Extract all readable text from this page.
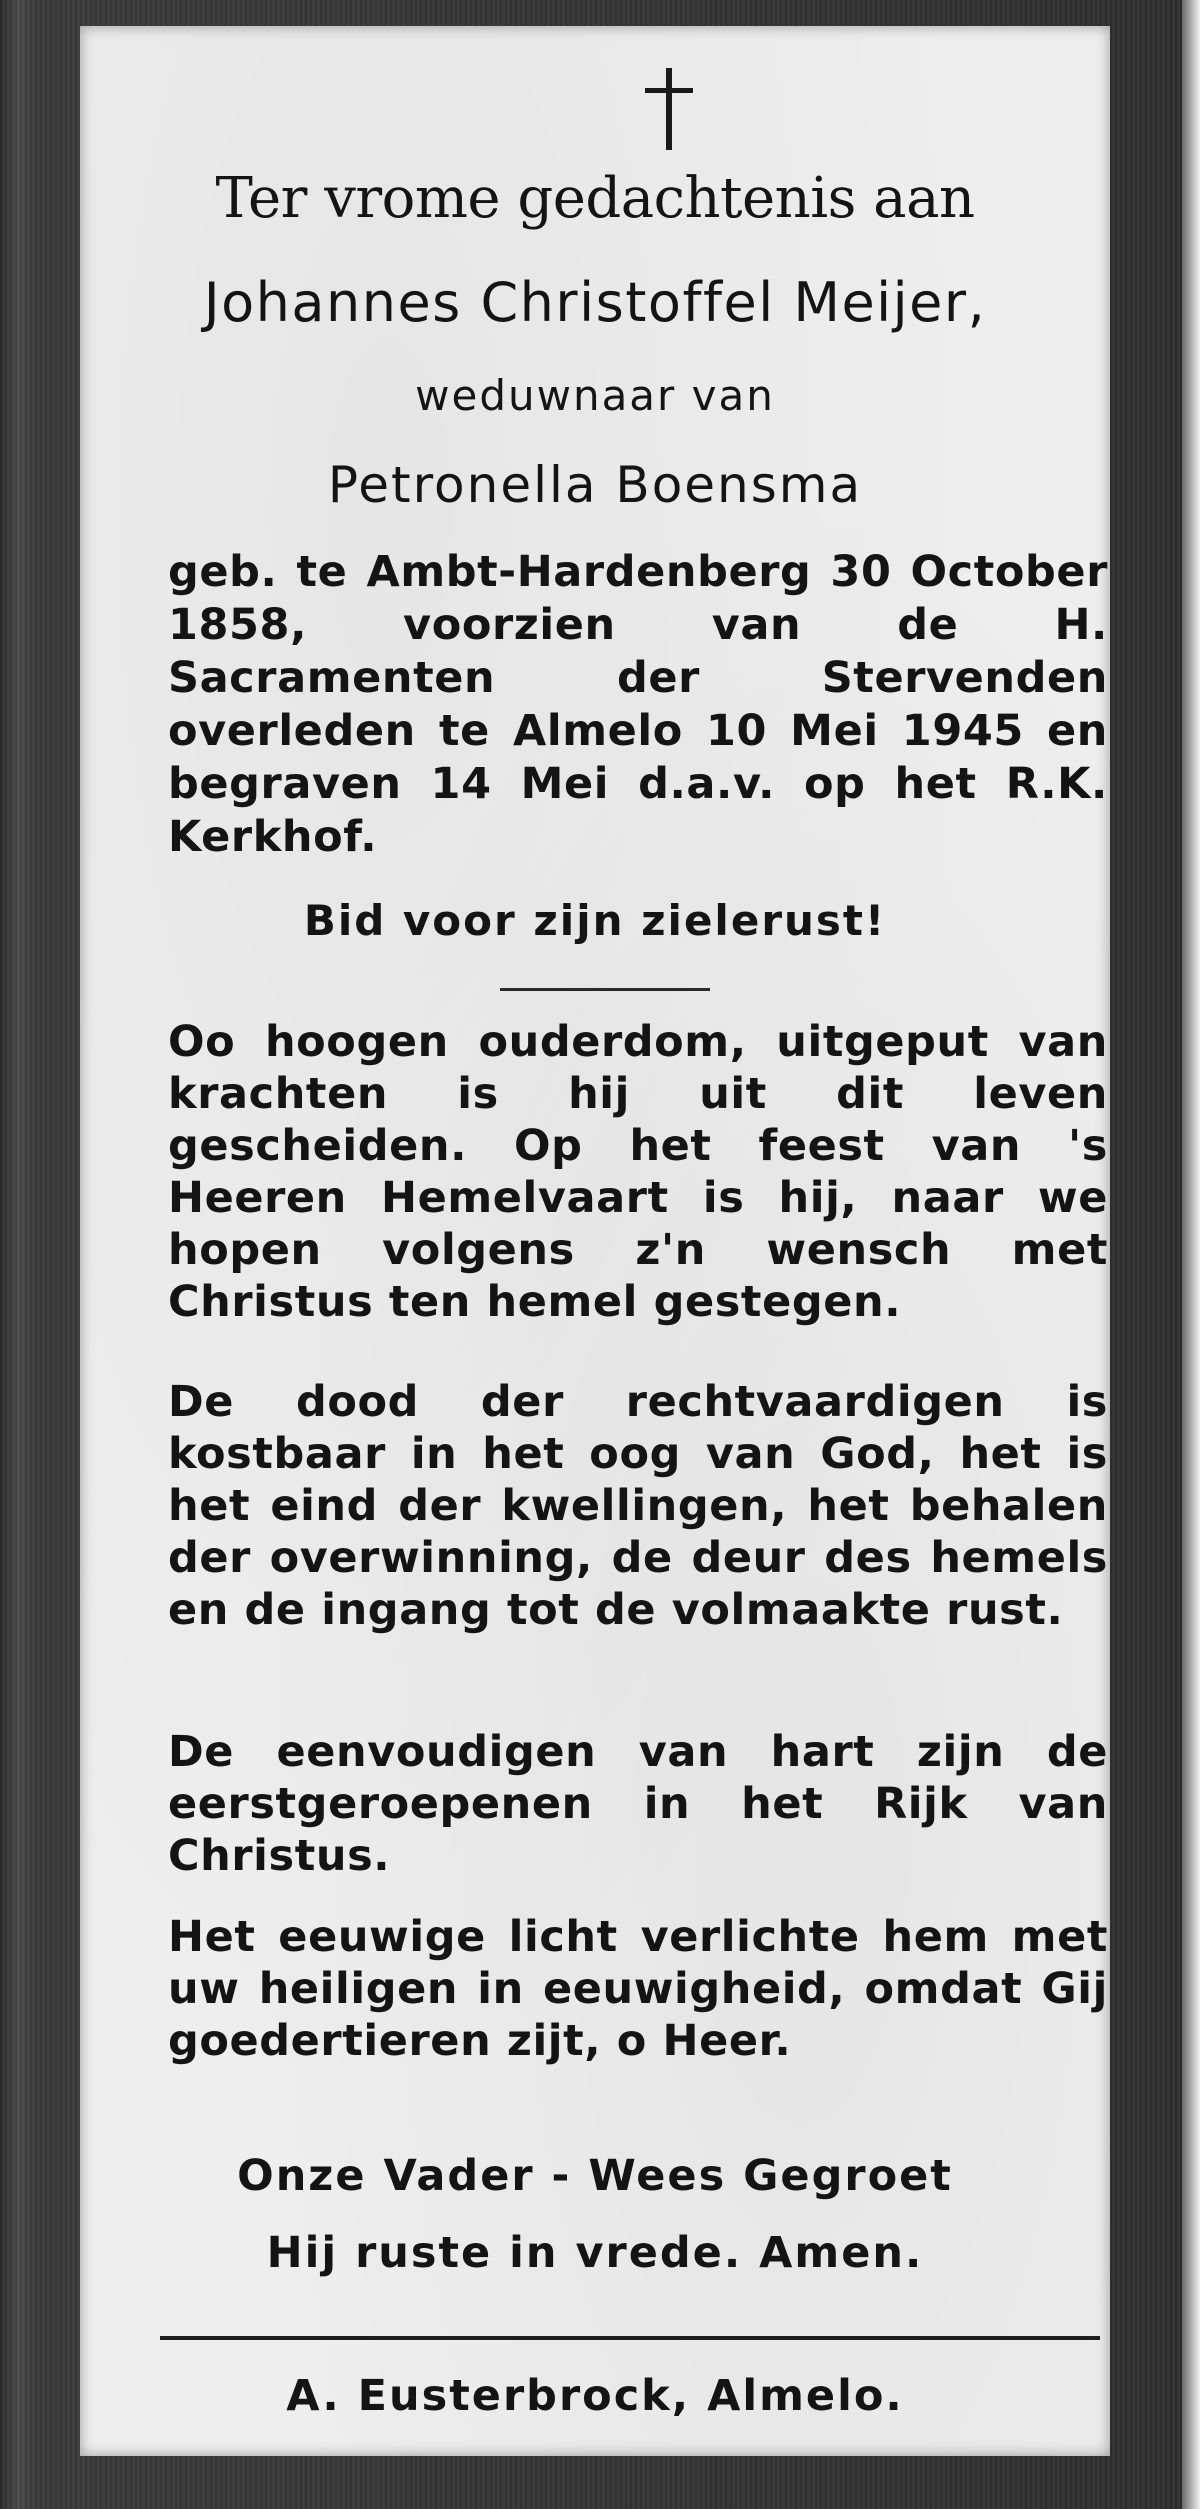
Ter vrome gedachtenis aan

Johannes Christoffel Meijer,

weduwnaar van

Petronella Boensma

geb. te Ambt-Hardenberg 30 October 1858, voorzien van de H. Sacramenten der Stervenden overleden te Almelo 10 Mei 1945 en begraven 14 Mei d.a.v. op het R.K. Kerkhof.

Bid voor zijn zielerust!

Oo hoogen ouderdom, uitgeput van krachten is hij uit dit leven gescheiden. Op het feest van 's Heeren Hemelvaart is hij, naar we hopen volgens z'n wensch met Christus ten hemel gestegen.

De dood der rechtvaardigen is kostbaar in het oog van God, het is het eind der kwellingen, het behalen der overwinning, de deur des hemels en de ingang tot de volmaakte rust.

De eenvoudigen van hart zijn de eerstgeroepenen in het Rijk van Christus.

Het eeuwige licht verlichte hem met uw heiligen in eeuwigheid, omdat Gij goedertieren zijt, o Heer.

Onze Vader - Wees Gegroet

Hij ruste in vrede. Amen.

A. Eusterbrock, Almelo.
